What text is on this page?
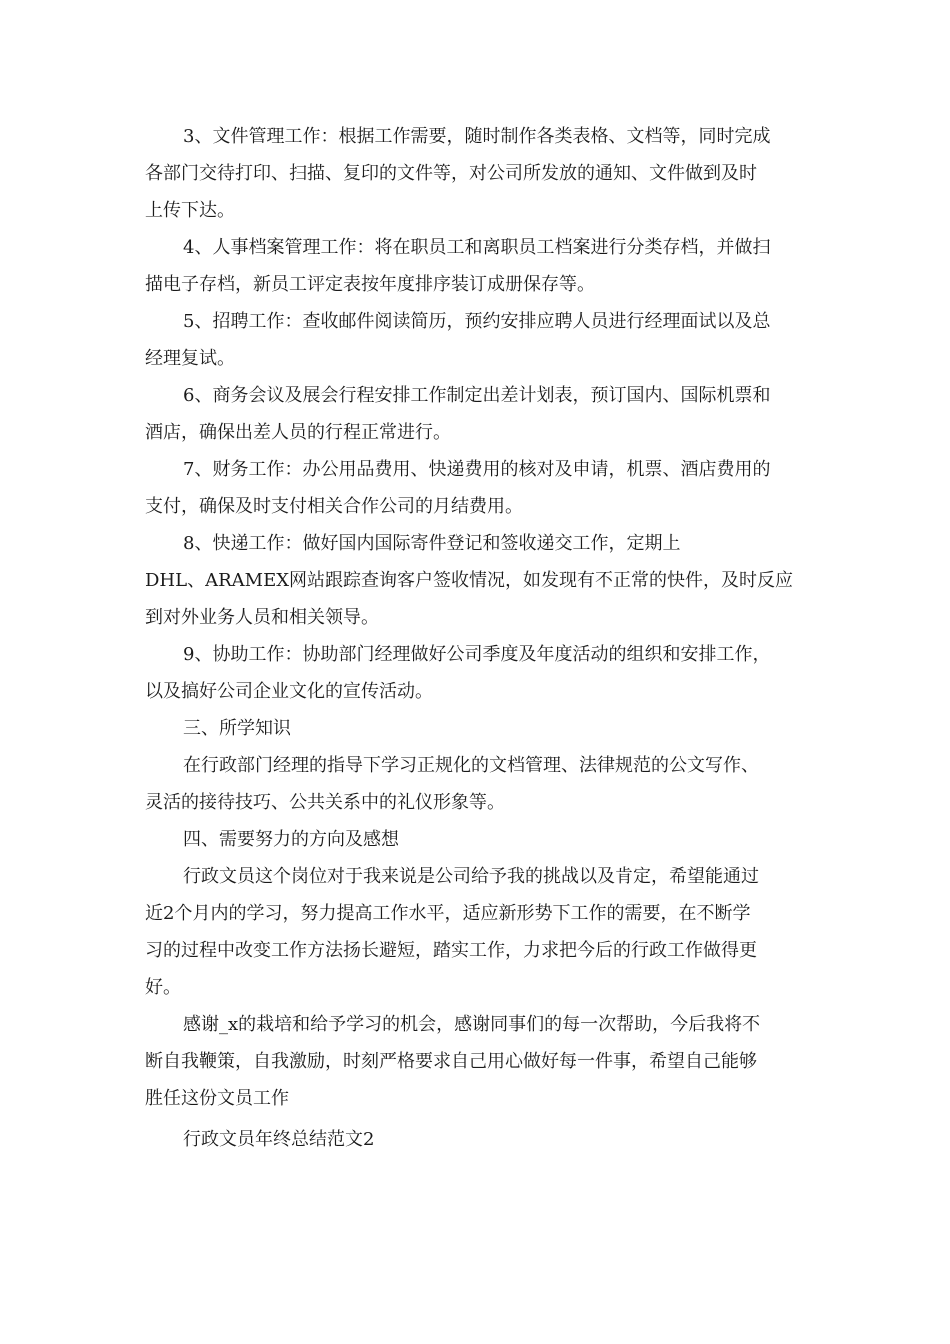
3、文件管理工作：根据工作需要，随时制作各类表格、文档等，同时完成
各部门交待打印、扫描、复印的文件等，对公司所发放的通知、文件做到及时
上传下达。

4、人事档案管理工作：将在职员工和离职员工档案进行分类存档，并做扫
描电子存档，新员工评定表按年度排序装订成册保存等。

5、招聘工作：查收邮件阅读简历，预约安排应聘人员进行经理面试以及总
经理复试。

6、商务会议及展会行程安排工作制定出差计划表，预订国内、国际机票和
酒店，确保出差人员的行程正常进行。

7、财务工作：办公用品费用、快递费用的核对及申请，机票、酒店费用的
支付，确保及时支付相关合作公司的月结费用。

8、快递工作：做好国内国际寄件登记和签收递交工作，定期上
DHL、ARAMEX网站跟踪查询客户签收情况，如发现有不正常的快件，及时反应
到对外业务人员和相关领导。

9、协助工作：协助部门经理做好公司季度及年度活动的组织和安排工作，
以及搞好公司企业文化的宣传活动。

三、所学知识

在行政部门经理的指导下学习正规化的文档管理、法律规范的公文写作、
灵活的接待技巧、公共关系中的礼仪形象等。

四、需要努力的方向及感想

行政文员这个岗位对于我来说是公司给予我的挑战以及肯定，希望能通过
近2个月内的学习，努力提高工作水平，适应新形势下工作的需要，在不断学
习的过程中改变工作方法扬长避短，踏实工作，力求把今后的行政工作做得更
好。

感谢_x的栽培和给予学习的机会，感谢同事们的每一次帮助，今后我将不
断自我鞭策，自我激励，时刻严格要求自己用心做好每一件事，希望自己能够
胜任这份文员工作

行政文员年终总结范文2
